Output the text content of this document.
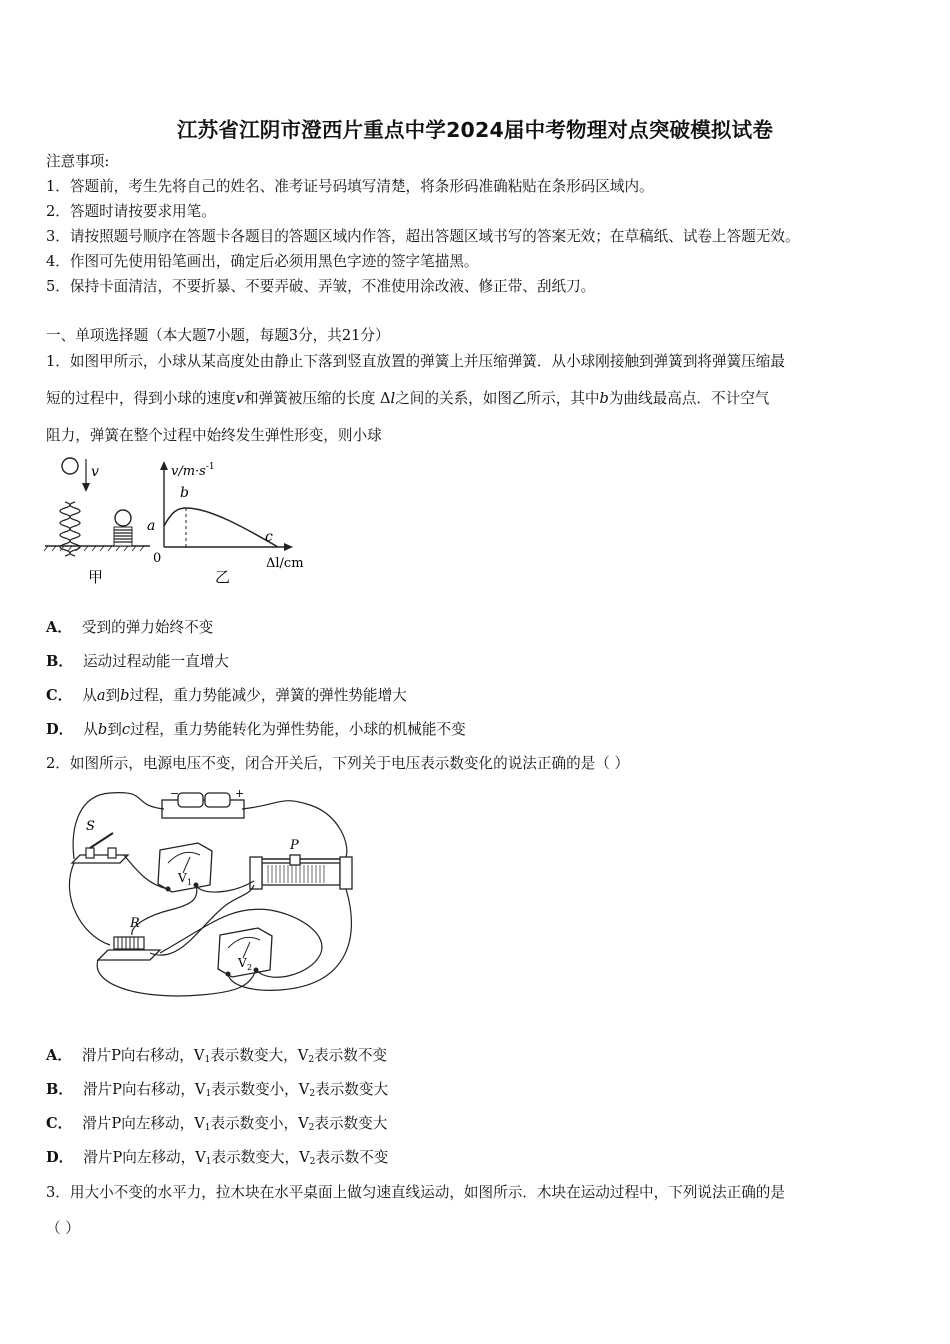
江苏省江阴市澄西片重点中学2024届中考物理对点突破模拟试卷
注意事项:
1．答题前，考生先将自己的姓名、准考证号码填写清楚，将条形码准确粘贴在条形码区域内。
2．答题时请按要求用笔。
3．请按照题号顺序在答题卡各题目的答题区域内作答，超出答题区域书写的答案无效；在草稿纸、试卷上答题无效。
4．作图可先使用铅笔画出，确定后必须用黑色字迹的签字笔描黑。
5．保持卡面清洁，不要折暴、不要弄破、弄皱，不准使用涂改液、修正带、刮纸刀。
一、单项选择题（本大题7小题，每题3分，共21分）
1．如图甲所示，小球从某高度处由静止下落到竖直放置的弹簧上并压缩弹簧．从小球刚接触到弹簧到将弹簧压缩最
短的过程中，得到小球的速度v和弹簧被压缩的长度 Δl之间的关系，如图乙所示，其中b为曲线最高点．不计空气
阻力，弹簧在整个过程中始终发生弹性形变，则小球
v
甲
$v/m\cdot s^{-1}$
a
b
c
0	Δl/cm
乙
A． 受到的弹力始终不变
B． 运动过程动能一直增大
C． 从a到b过程，重力势能减少，弹簧的弹性势能增大
D． 从b到c过程，重力势能转化为弹性势能，小球的机械能不变
2．如图所示，电源电压不变，闭合开关后，下列关于电压表示数变化的说法正确的是（ ）
−	+
S
V 1
P
R
V 2
A． 滑片P向右移动，$V_1$表示数变大，$V_2$表示数不变
B． 滑片P向右移动，$V_1$表示数变小，$V_2$表示数变大
C． 滑片P向左移动，$V_1$表示数变小，$V_2$表示数变大
D． 滑片P向左移动，$V_1$表示数变大，$V_2$表示数不变
3．用大小不变的水平力，拉木块在水平桌面上做匀速直线运动，如图所示．木块在运动过程中，下列说法正确的是
（ ）
